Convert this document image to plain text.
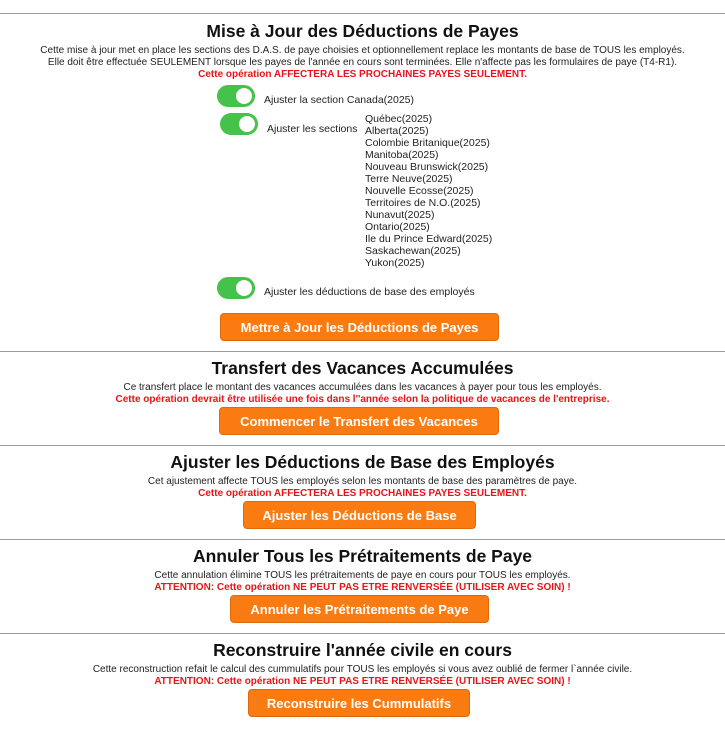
Mise à Jour des Déductions de Payes
Cette mise à jour met en place les sections des D.A.S. de paye choisies et optionnellement replace les montants de base de TOUS les employés.
Elle doit être effectuée SEULEMENT lorsque les payes de l'année en cours sont terminées. Elle n'affecte pas les formulaires de paye (T4-R1).
Cette opération AFFECTERA LES PROCHAINES PAYES SEULEMENT.
Ajuster la section Canada(2025)
Ajuster les sections
Québec(2025)
Alberta(2025)
Colombie Britanique(2025)
Manitoba(2025)
Nouveau Brunswick(2025)
Terre Neuve(2025)
Nouvelle Ecosse(2025)
Territoires de N.O.(2025)
Nunavut(2025)
Ontario(2025)
Ile du Prince Edward(2025)
Saskachewan(2025)
Yukon(2025)
Ajuster les déductions de base des employés
Mettre à Jour les Déductions de Payes
Transfert des Vacances Accumulées
Ce transfert place le montant des vacances accumulées dans les vacances à payer pour tous les employés.
Cette opération devrait être utilisée une fois dans l''année selon la politique de vacances de l'entreprise.
Commencer le Transfert des Vacances
Ajuster les Déductions de Base des Employés
Cet ajustement affecte TOUS les employés selon les montants de base des paramètres de paye.
Cette opération AFFECTERA LES PROCHAINES PAYES SEULEMENT.
Ajuster les Déductions de Base
Annuler Tous les Prétraitements de Paye
Cette annulation élimine TOUS les prétraitements de paye en cours pour TOUS les employés.
ATTENTION: Cette opération NE PEUT PAS ETRE RENVERSÉE (UTILISER AVEC SOIN) !
Annuler les Prétraitements de Paye
Reconstruire l'année civile en cours
Cette reconstruction refait le calcul des cummulatifs pour TOUS les employés si vous avez oublié de fermer l`année civile.
ATTENTION: Cette opération NE PEUT PAS ETRE RENVERSÉE (UTILISER AVEC SOIN) !
Reconstruire les Cummulatifs
